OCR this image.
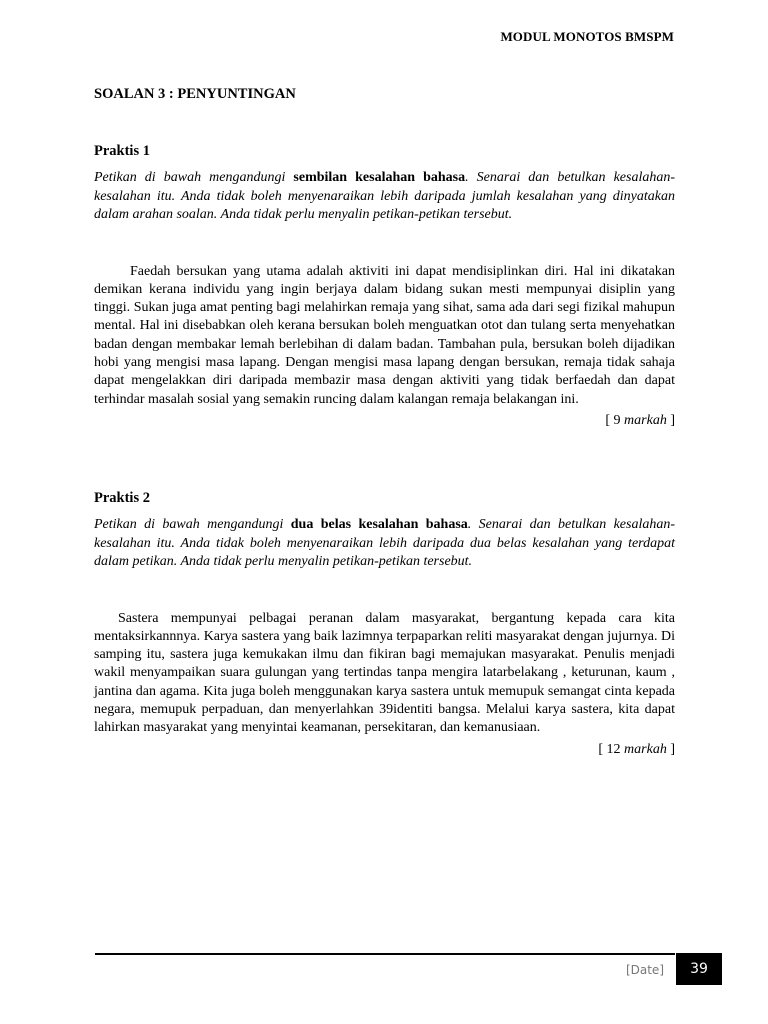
MODUL MONOTOS BMSPM
SOALAN 3 : PENYUNTINGAN
Praktis 1
Petikan di bawah mengandungi sembilan kesalahan bahasa. Senarai dan betulkan kesalahan-kesalahan itu. Anda tidak boleh menyenaraikan lebih daripada jumlah kesalahan yang dinyatakan dalam arahan soalan. Anda tidak perlu menyalin petikan-petikan tersebut.
Faedah bersukan yang utama adalah aktiviti ini dapat mendisiplinkan diri. Hal ini dikatakan demikan kerana individu yang ingin berjaya dalam bidang sukan mesti mempunyai disiplin yang tinggi. Sukan juga amat penting bagi melahirkan remaja yang sihat, sama ada dari segi fizikal mahupun mental. Hal ini disebabkan oleh kerana bersukan boleh menguatkan otot dan tulang serta menyehatkan badan dengan membakar lemah berlebihan di dalam badan. Tambahan pula, bersukan boleh dijadikan hobi yang mengisi masa lapang. Dengan mengisi masa lapang dengan bersukan, remaja tidak sahaja dapat mengelakkan diri daripada membazir masa dengan aktiviti yang tidak berfaedah dan dapat terhindar masalah sosial yang semakin runcing dalam kalangan remaja belakangan ini.
[ 9 markah ]
Praktis 2
Petikan di bawah mengandungi dua belas kesalahan bahasa. Senarai dan betulkan kesalahan-kesalahan itu. Anda tidak boleh menyenaraikan lebih daripada dua belas kesalahan yang terdapat dalam petikan. Anda tidak perlu menyalin petikan-petikan tersebut.
Sastera mempunyai pelbagai peranan dalam masyarakat, bergantung kepada cara kita mentaksirkannnya. Karya sastera yang baik lazimnya terpaparkan reliti masyarakat dengan jujurnya. Di samping itu, sastera juga kemukakan ilmu dan fikiran bagi memajukan masyarakat. Penulis menjadi wakil menyampaikan suara gulungan yang tertindas tanpa mengira latarbelakang , keturunan, kaum , jantina dan agama. Kita juga boleh menggunakan karya sastera untuk memupuk semangat cinta kepada negara, memupuk perpaduan, dan menyerlahkan 39identiti bangsa. Melalui karya sastera, kita dapat lahirkan masyarakat yang menyintai keamanan, persekitaran, dan kemanusiaan.
[ 12 markah ]
[Date] 39
